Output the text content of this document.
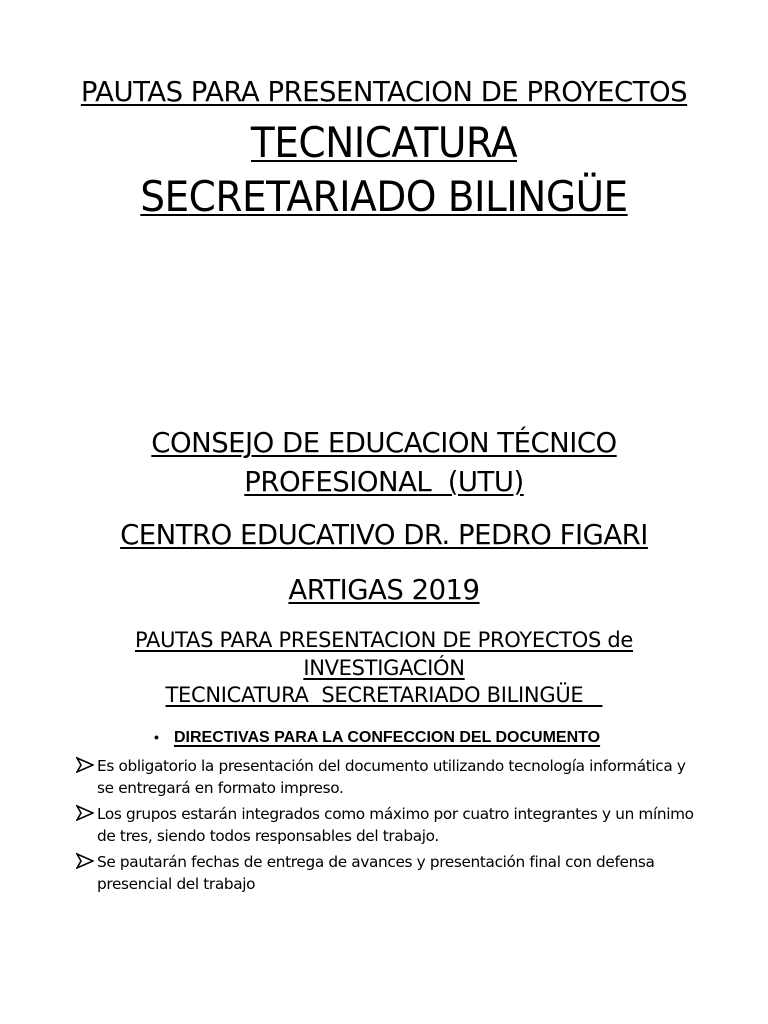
PAUTAS PARA PRESENTACION DE PROYECTOS
TECNICATURA
SECRETARIADO BILINGÜE
CONSEJO DE EDUCACION TÉCNICO
PROFESIONAL  (UTU)
CENTRO EDUCATIVO DR. PEDRO FIGARI
ARTIGAS 2019
PAUTAS PARA PRESENTACION DE PROYECTOS de
INVESTIGACIÓN
TECNICATURA  SECRETARIADO BILINGÜE
• DIRECTIVAS PARA LA CONFECCION DEL DOCUMENTO
Es obligatorio la presentación del documento utilizando tecnología informática y
se entregará en formato impreso.
Los grupos estarán integrados como máximo por cuatro integrantes y un mínimo
de tres, siendo todos responsables del trabajo.
Se pautarán fechas de entrega de avances y presentación final con defensa
presencial del trabajo
